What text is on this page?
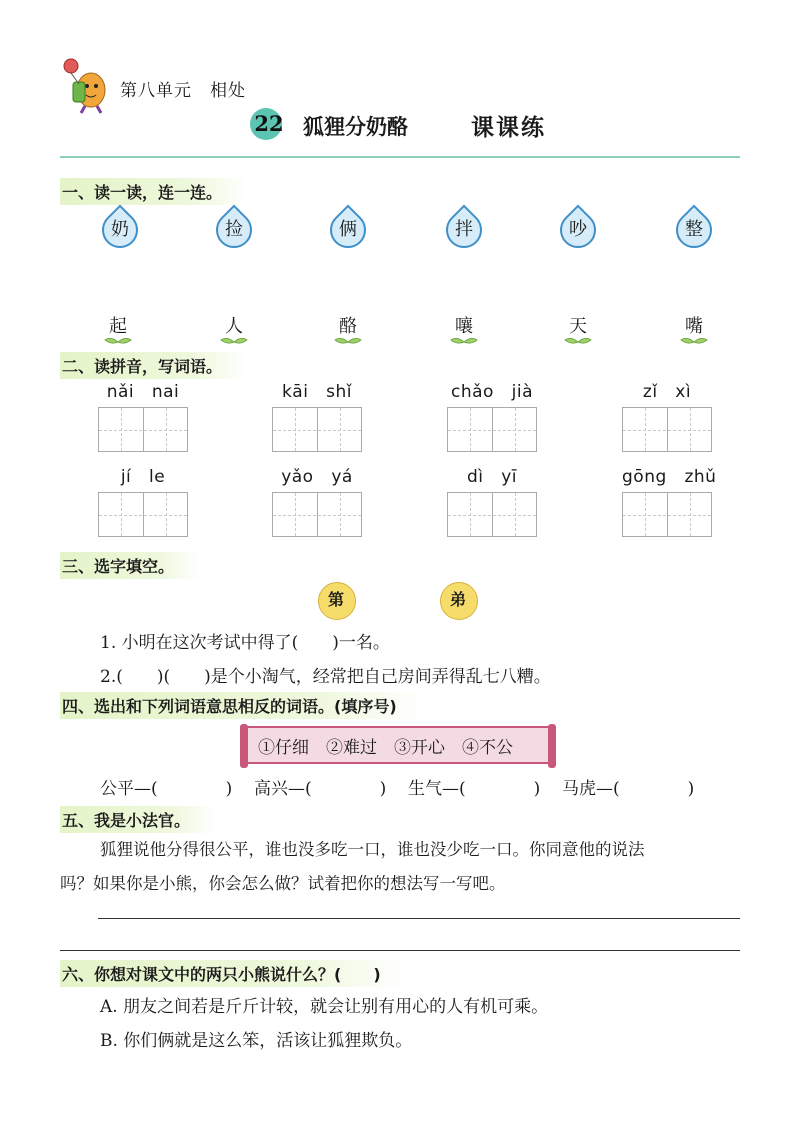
第八单元　相处
22 狐狸分奶酪	课课练
一、读一读，连一连。
奶	捡	俩	拌	吵	整
起	人	酪	嚷	天	嘴
二、读拼音，写词语。
nǎi nai	kāi shǐ	chǎo jià	zǐ xì
jí le	yǎo yá	dì yī	gōng zhǔ
三、选字填空。
第	弟
1. 小明在这次考试中得了(　　)一名。
2.(　　)(　　)是个小淘气，经常把自己房间弄得乱七八糟。
四、选出和下列词语意思相反的词语。(填序号)
①仔细　②难过　③开心　④不公
公平—(　　　　) 高兴—(　　　　) 生气—(　　　　) 马虎—(　　　　)
五、我是小法官。
狐狸说他分得很公平，谁也没多吃一口，谁也没少吃一口。你同意他的说法
吗？如果你是小熊，你会怎么做？试着把你的想法写一写吧。
六、你想对课文中的两只小熊说什么？(　　)
A. 朋友之间若是斤斤计较，就会让别有用心的人有机可乘。
B. 你们俩就是这么笨，活该让狐狸欺负。
